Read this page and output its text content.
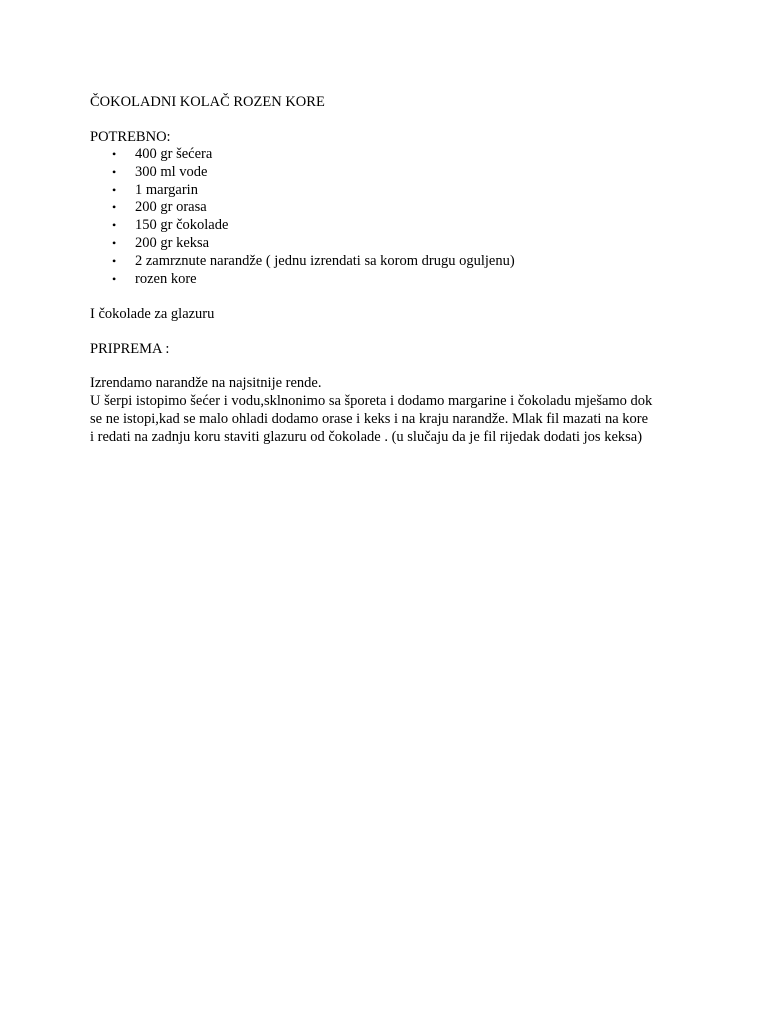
ČOKOLADNI KOLAČ ROZEN KORE
POTREBNO:
• 400 gr šećera
• 300 ml vode
• 1 margarin
• 200 gr orasa
• 150 gr čokolade
• 200 gr keksa
• 2 zamrznute narandže ( jednu izrendati sa korom drugu oguljenu)
• rozen kore
I čokolade za glazuru
PRIPREMA :
Izrendamo narandže na najsitnije rende.
U šerpi istopimo šećer i vodu,sklnonimo sa šporeta i dodamo margarine i čokoladu mješamo dok
se ne istopi,kad se malo ohladi dodamo orase i keks i na kraju narandže. Mlak fil mazati na kore
i redati na zadnju koru staviti glazuru od čokolade . (u slučaju da je fil rijedak dodati jos keksa)
